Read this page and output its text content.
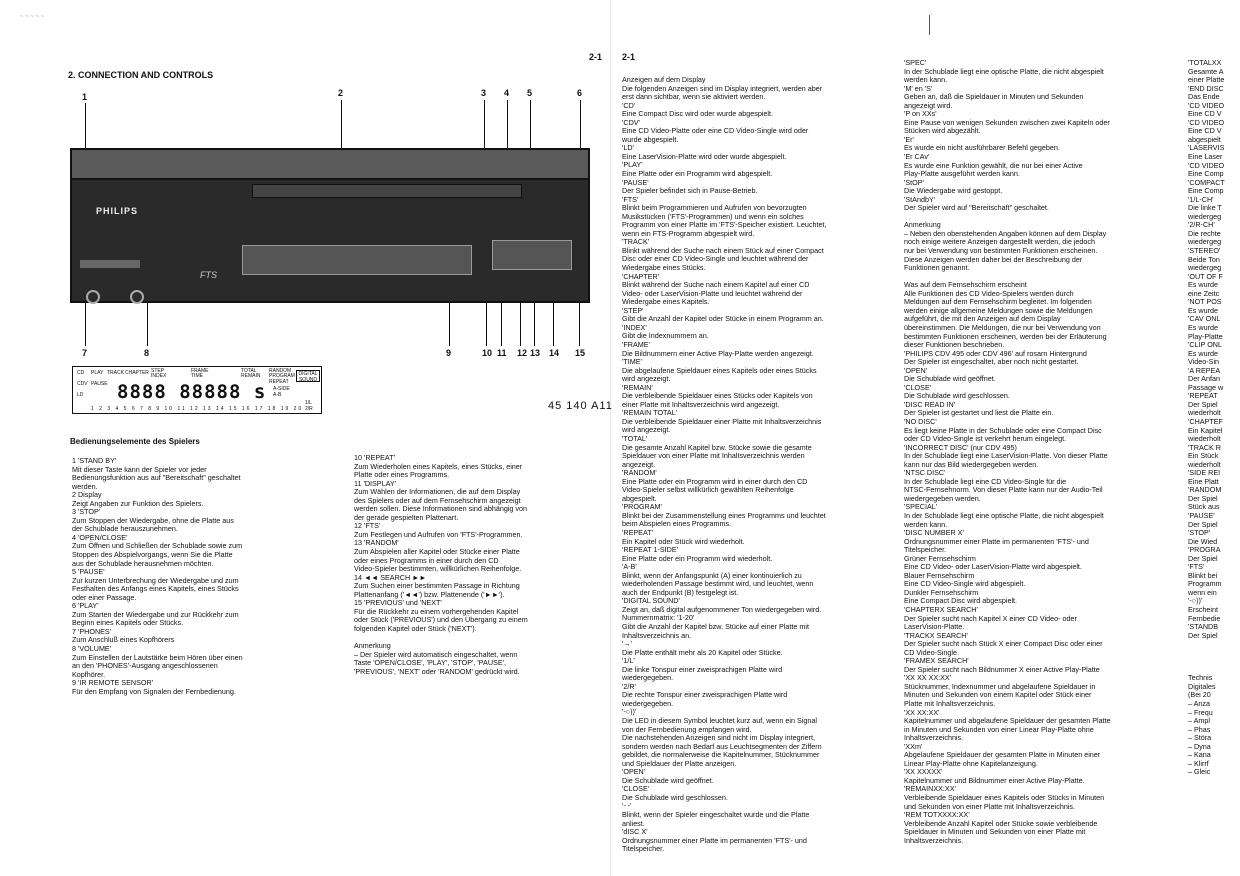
~ ~ ~ ~ ~
2-1
2. CONNECTION AND CONTROLS
1	2	3 4 5	6
PHILIPS
FTS
7	8	9	10 11 12 13 14 15
CD PLAY TRACK CHAPTER STEP
INDEX
FRAME
TIME
TOTAL
REMAIN
RANDOM
PROGRAM
REPEAT
CDV PAUSE
LD
DIGITAL SOUND
8888 88888 s A-SIDE
A-B
1/L
2/R
1 2 3 4 5 6 7 8 9 10 11 12 13 14 15 16 17 18 19 20	45 140 A11
Bedienungselemente des Spielers
1 'STAND BY'
Mit dieser Taste kann der Spieler vor jeder
Bedienungsfunktion aus auf "Bereitschaft" geschaltet
werden.
2 Display
Zeigt Angaben zur Funktion des Spielers.
3 'STOP'
Zum Stoppen der Wiedergabe, ohne die Platte aus
der Schublade herauszunehmen.
4 'OPEN/CLOSE'
Zum Öffnen und Schließen der Schublade sowie zum
Stoppen des Abspielvorgangs, wenn Sie die Platte
aus der Schublade herausnehmen möchten.
5 'PAUSE'
Zur kurzen Unterbrechung der Wiedergabe und zum
Festhalten des Anfangs eines Kapitels, eines Stücks
oder einer Passage.
6 'PLAY'
Zum Starten der Wiedergabe und zur Rückkehr zum
Beginn eines Kapitels oder Stücks.
7 'PHONES'
Zum Anschluß eines Kopfhörers
8 'VOLUME'
Zum Einstellen der Lautstärke beim Hören über einen
an den 'PHONES'-Ausgang angeschlossenen
Kopfhörer.
9 'IR REMOTE SENSOR'
Für den Empfang von Signalen der Fernbedienung.
10 'REPEAT'
Zum Wiederholen eines Kapitels, eines Stücks, einer
Platte oder eines Programms.
11 'DISPLAY'
Zum Wählen der Informationen, die auf dem Display
des Spielers oder auf dem Fernsehschirm angezeigt
werden sollen. Diese Informationen sind abhängig von
der gerade gespielten Plattenart.
12 'FTS'
Zum Festlegen und Aufrufen von 'FTS'-Programmen.
13 'RANDOM'
Zum Abspielen aller Kapitel oder Stücke einer Platte
oder eines Programms in einer durch den CD
Video-Spieler bestimmten, willkürlichen Reihenfolge.
14 ◄◄ SEARCH ►►
Zum Suchen einer bestimmten Passage in Richtung
Plattenanfang ('◄◄') bzw. Plattenende ('►►').
15 'PREVIOUS' und 'NEXT'
Für die Rückkehr zu einem vorhergehenden Kapitel
oder Stück ('PREVIOUS') und den Übergang zu einem
folgenden Kapitel oder Stück ('NEXT').

Anmerkung
– Der Spieler wird automatisch eingeschaltet, wenn
Taste 'OPEN/CLOSE', 'PLAY', 'STOP', 'PAUSE',
'PREVIOUS', 'NEXT' oder 'RANDOM' gedrückt wird.
2-1
Anzeigen auf dem Display
Die folgenden Anzeigen sind im Display integriert, werden aber
erst dann sichtbar, wenn sie aktiviert werden.
'CD'
Eine Compact Disc wird oder wurde abgespielt.
'CDV'
Eine CD Video-Platte oder eine CD Video-Single wird oder
wurde abgespielt.
'LD'
Eine LaserVision-Platte wird oder wurde abgespielt.
'PLAY'
Eine Platte oder ein Programm wird abgespielt.
'PAUSE'
Der Spieler befindet sich in Pause-Betrieb.
'FTS'
Blinkt beim Programmieren und Aufrufen von bevorzugten
Musikstücken ('FTS'-Programmen) und wenn ein solches
Programm von einer Platte im 'FTS'-Speicher existiert. Leuchtet,
wenn ein FTS-Programm abgespielt wird.
'TRACK'
Blinkt während der Suche nach einem Stück auf einer Compact
Disc oder einer CD Video-Single und leuchtet während der
Wiedergabe eines Stücks.
'CHAPTER'
Blinkt während der Suche nach einem Kapitel auf einer CD
Video- oder LaserVision-Platte und leuchtet während der
Wiedergabe eines Kapitels.
'STEP'
Gibt die Anzahl der Kapitel oder Stücke in einem Programm an.
'INDEX'
Gibt die Indexnummern an.
'FRAME'
Die Bildnummern einer Active Play-Platte werden angezeigt.
'TIME'
Die abgelaufene Spieldauer eines Kapitels oder eines Stücks
wird angezeigt.
'REMAIN'
Die verbleibende Spieldauer eines Stücks oder Kapitels von
einer Platte mit Inhaltsverzeichnis wird angezeigt.
'REMAIN TOTAL'
Die verbleibende Spieldauer einer Platte mit Inhaltsverzeichnis
wird angezeigt.
'TOTAL'
Die gesamte Anzahl Kapitel bzw. Stücke sowie die gesamte
Spieldauer von einer Platte mit Inhaltsverzeichnis werden
angezeigt.
'RANDOM'
Eine Platte oder ein Programm wird in einer durch den CD
Video-Spieler selbst willkürlich gewählten Reihenfolge
abgespielt.
'PROGRAM'
Blinkt bei der Zusammenstellung eines Programms und leuchtet
beim Abspielen eines Programms.
'REPEAT'
Ein Kapitel oder Stück wird wiederholt.
'REPEAT 1-SIDE'
Eine Platte oder ein Programm wird wiederholt.
'A-B'
Blinkt, wenn der Anfangspunkt (A) einer kontinuierlich zu
wiederholenden Passage bestimmt wird, und leuchtet, wenn
auch der Endpunkt (B) festgelegt ist.
'DIGITAL SOUND'
Zeigt an, daß digital aufgenommener Ton wiedergegeben wird.
Nummernmatrix: '1-20'
Gibt die Anzahl der Kapitel bzw. Stücke auf einer Platte mit
Inhaltsverzeichnis an.
'→'
Die Platte enthält mehr als 20 Kapitel oder Stücke.
'1/L'
Die linke Tonspur einer zweisprachigen Platte wird
wiedergegeben.
'2/R'
Die rechte Tonspur einer zweisprachigen Platte wird
wiedergegeben.
'-○))'
Die LED in diesem Symbol leuchtet kurz auf, wenn ein Signal
von der Fernbedienung empfangen wird.
Die nachstehenden Anzeigen sind nicht im Display integriert,
sondern werden nach Bedarf aus Leuchtsegmenten der Ziffern
gebildet, die normalerweise die Kapitelnummer, Stücknummer
und Spieldauer der Platte anzeigen.
'OPEN'
Die Schublade wird geöffnet.
'CLOSE'
Die Schublade wird geschlossen.
'- -'
Blinkt, wenn der Spieler eingeschaltet wurde und die Platte
anliest.
'dISC X'
Ordnungsnummer einer Platte im permanenten 'FTS'- und
Titelspeicher.
'SPEC'
In der Schublade liegt eine optische Platte, die nicht abgespielt
werden kann.
'M' en 'S'
Geben an, daß die Spieldauer in Minuten und Sekunden
angezeigt wird.
'P on XXs'
Eine Pause von wenigen Sekunden zwischen zwei Kapiteln oder
Stücken wird abgezählt.
'Er'
Es wurde ein nicht ausführbarer Befehl gegeben.
'Er CAv'
Es wurde eine Funktion gewählt, die nur bei einer Active
Play-Platte ausgeführt werden kann.
'StOP'
Die Wiedergabe wird gestoppt.
'StAndbY'
Der Spieler wird auf "Bereitschaft" geschaltet.

Anmerkung
– Neben den obenstehenden Angaben können auf dem Display
noch einige weitere Anzeigen dargestellt werden, die jedoch
nur bei Verwendung von bestimmten Funktionen erscheinen.
Diese Anzeigen werden daher bei der Beschreibung der
Funktionen genannt.

Was auf dem Fernsehschirm erscheint
Alle Funktionen des CD Video-Spielers werden durch
Meldungen auf dem Fernsehschirm begleitet. Im folgenden
werden einige allgemeine Meldungen sowie die Meldungen
aufgeführt, die mit den Anzeigen auf dem Display
übereinstimmen. Die Meldungen, die nur bei Verwendung von
bestimmten Funktionen erscheinen, werden bei der Erläuterung
dieser Funktionen beschrieben.
'PHILIPS CDV 495 oder CDV 496' auf rosarn Hintergrund
Der Spieler ist eingeschaltet, aber noch nicht gestartet.
'OPEN'
Die Schublade wird geöffnet.
'CLOSE'
Die Schublade wird geschlossen.
'DISC READ IN'
Der Spieler ist gestartet und liest die Platte ein.
'NO DISC'
Es liegt keine Platte in der Schublade oder eine Compact Disc
oder CD Video-Single ist verkehrt herum eingelegt.
'INCORRECT DISC' (nur CDV 495)
In der Schublade liegt eine LaserVision-Platte. Von dieser Platte
kann nur das Bild wiedergegeben werden.
'NTSC DISC'
In der Schublade liegt eine CD Video-Single für die
NTSC-Fernsehnorm. Von dieser Platte kann nur der Audio-Teil
wiedergegeben werden.
'SPECIAL'
In der Schublade liegt eine optische Platte, die nicht abgespielt
werden kann.
'DISC NUMBER X'
Ordnungsnummer einer Platte im permanenten 'FTS'- und
Titelspeicher.
Grüner Fernsehschirm
Eine CD Video- oder LaserVision-Platte wird abgespielt.
Blauer Fernsehschirm
Eine CD Video-Single wird abgespielt.
Dunkler Fernsehschirm
Eine Compact Disc wird abgespielt.
'CHAPTERX SEARCH'
Der Spieler sucht nach Kapitel X einer CD Video- oder
LaserVision-Platte.
'TRACKX SEARCH'
Der Spieler sucht nach Stück X einer Compact Disc oder einer
CD Video-Single.
'FRAMEX SEARCH'
Der Spieler sucht nach Bildnummer X einer Active Play-Platte
'XX XX XX:XX'
Stücknummer, Indexnummer und abgelaufene Spieldauer in
Minuten und Sekunden von einem Kapitel oder Stück einer
Platte mit Inhaltsverzeichnis.
'XX XX:XX'
Kapitelnummer und abgelaufene Spieldauer der gesamten Platte
in Minuten und Sekunden von einer Linear Play-Platte ohne
Inhaltsverzeichnis.
'XXm'
Abgelaufene Spieldauer der gesamten Platte in Minuten einer
Linear Play-Platte ohne Kapitelanzeigung.
'XX XXXXX'
Kapitelnummer und Bildnummer einer Active Play-Platte.
'REMAINXX:XX'
Verbleibende Spieldauer eines Kapitels oder Stücks in Minuten
und Sekunden von einer Platte mit Inhaltsverzeichnis.
'REM TOTXXXX:XX'
Verbleibende Anzahl Kapitel oder Stücke sowie verbleibende
Spieldauer in Minuten und Sekunden von einer Platte mit
Inhaltsverzeichnis.
'TOTALXX
Gesamte A
einer Platte
'END DISC
Das Ende
'CD VIDEO
Eine CD V
'CD VIDEO
Eine CD V
abgespielt
'LASERVIS
Eine Laser
'CD VIDEO
Eine Comp
'COMPACT
Eine Comp
'1/L-CH'
Die linke T
wiedergeg
'2/R-CH'
Die rechte
wiedergeg
'STEREO'
Beide Ton
wiedergeg
'OUT OF F
Es wurde
eine Zeitc
'NOT POS
Es wurde
'CAV ONL
Es wurde
Play-Platte
'CLIP ONL
Es wurde
Video-Sin
'A REPEA
Der Anfan
Passage w
'REPEAT
Der Spiel
wiederholt
'CHAPTEF
Ein Kapitel
wiederholt
'TRACK R
Ein Stück
wiederholt
'SIDE REI
Eine Platt
'RANDOM
Der Spiel
Stück aus
'PAUSE'
Der Spiel
'STOP'
Die Wied
'PROGRA
Der Spiel
'FTS'
Blinkt bei
Programm
wenn ein
'-○))'
Erscheint
Fernbedie
'STANDB
Der Spiel

Technis
Digitales
(Bei 20
– Anza
– Frequ
– Ampl
– Phas
– Störa
– Dyna
– Kana
– Klirrf
– Gleic
